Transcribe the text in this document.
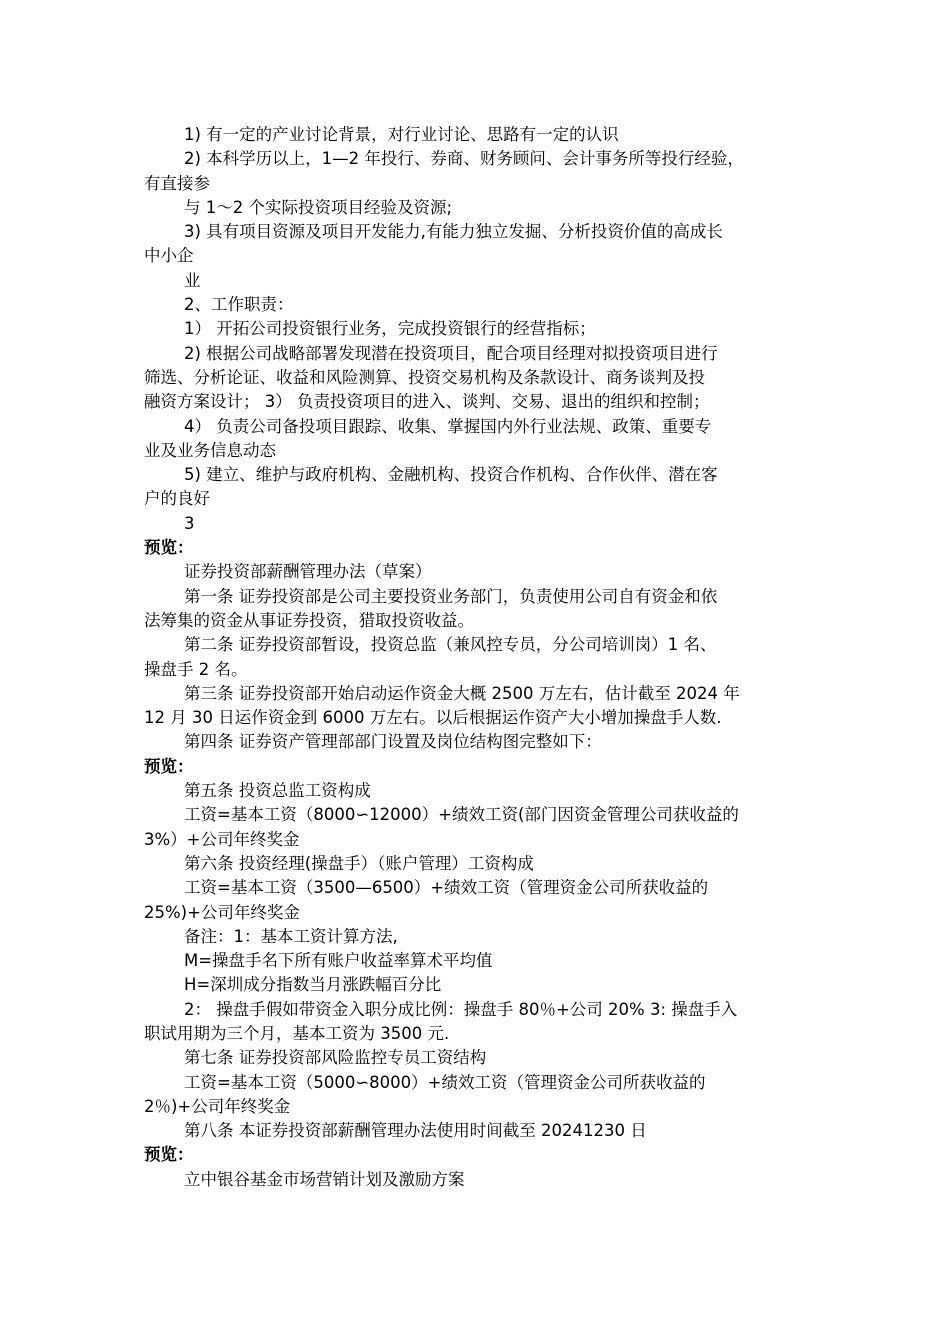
1) 有一定的产业讨论背景，对行业讨论、思路有一定的认识
2) 本科学历以上，1—2 年投行、券商、财务顾问、会计事务所等投行经验，
有直接参
与 1～2 个实际投资项目经验及资源;
3) 具有项目资源及项目开发能力,有能力独立发掘、分析投资价值的高成长
中小企
业
2、工作职责：
1） 开拓公司投资银行业务，完成投资银行的经营指标；
2) 根据公司战略部署发现潜在投资项目，配合项目经理对拟投资项目进行
筛选、分析论证、收益和风险测算、投资交易机构及条款设计、商务谈判及投
融资方案设计； 3） 负责投资项目的进入、谈判、交易、退出的组织和控制；
4） 负责公司备投项目跟踪、收集、掌握国内外行业法规、政策、重要专
业及业务信息动态
5) 建立、维护与政府机构、金融机构、投资合作机构、合作伙伴、潜在客
户的良好
3
预览：
证券投资部薪酬管理办法（草案）
第一条 证券投资部是公司主要投资业务部门，负责使用公司自有资金和依
法筹集的资金从事证券投资，猎取投资收益。
第二条 证券投资部暂设，投资总监（兼风控专员，分公司培训岗）1 名、
操盘手 2 名。
第三条 证券投资部开始启动运作资金大概 2500 万左右，估计截至 2024 年
12 月 30 日运作资金到 6000 万左右。以后根据运作资产大小增加操盘手人数.
第四条 证券资产管理部部门设置及岗位结构图完整如下：
预览：
第五条 投资总监工资构成
工资=基本工资（8000∽12000）+绩效工资(部门因资金管理公司获收益的
3%）+公司年终奖金
第六条 投资经理(操盘手）（账户管理）工资构成
工资=基本工资（3500—6500）+绩效工资（管理资金公司所获收益的
25%)+公司年终奖金
备注：1：基本工资计算方法,
M=操盘手名下所有账户收益率算术平均值
H=深圳成分指数当月涨跌幅百分比
2： 操盘手假如带资金入职分成比例：操盘手 80％+公司 20% 3: 操盘手入
职试用期为三个月，基本工资为 3500 元.
第七条 证券投资部风险监控专员工资结构
工资=基本工资（5000∽8000）+绩效工资（管理资金公司所获收益的
2％)+公司年终奖金
第八条 本证券投资部薪酬管理办法使用时间截至 20241230 日
预览：
立中银谷基金市场营销计划及激励方案
